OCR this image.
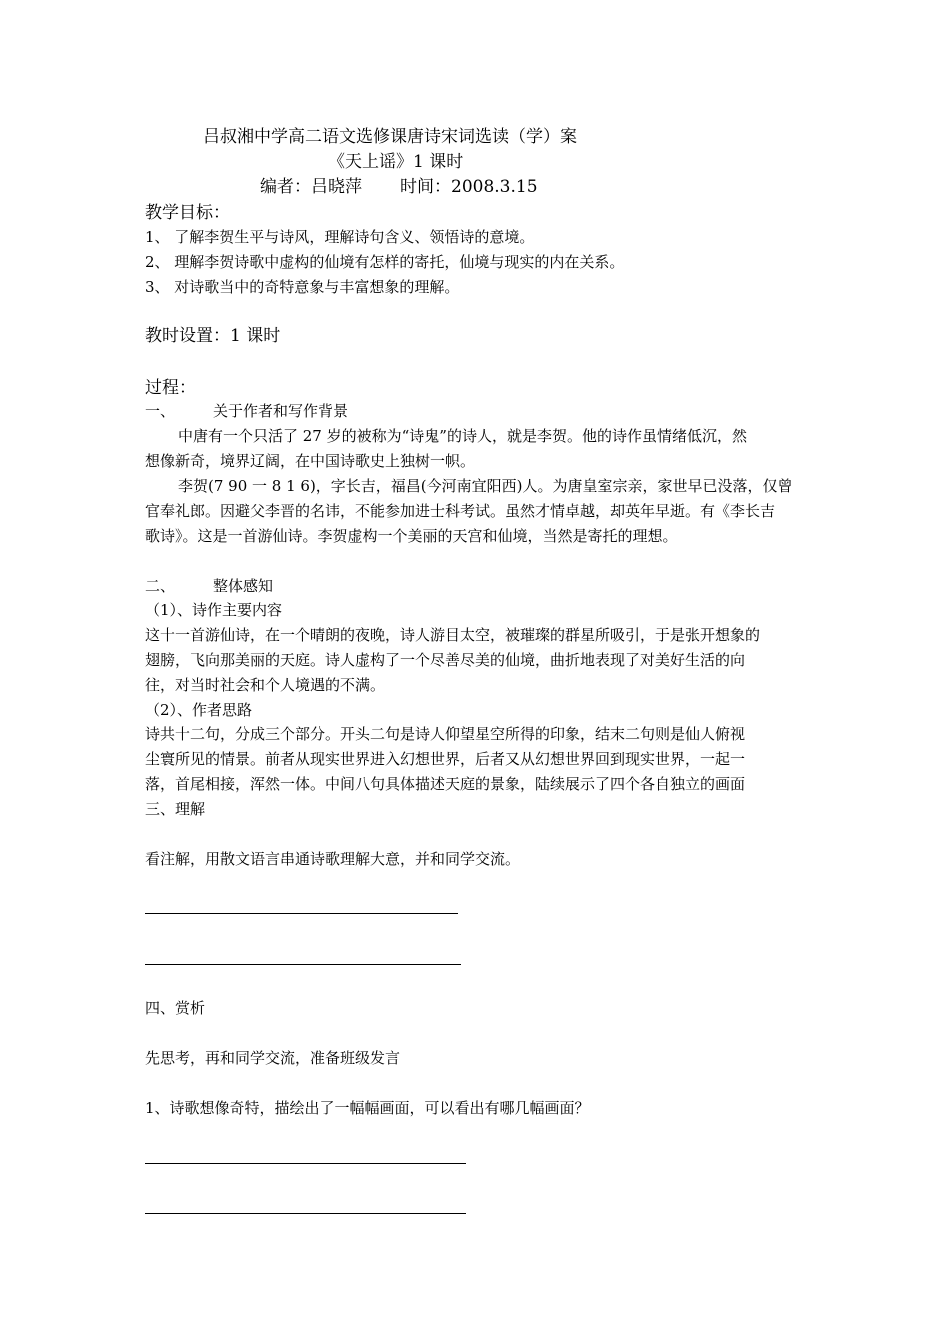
吕叔湘中学高二语文选修课唐诗宋词选读（学）案
《天上谣》1 课时
编者：吕晓萍 时间：2008.3.15
教学目标：
1、 了解李贺生平与诗风，理解诗句含义、领悟诗的意境。
2、 理解李贺诗歌中虚构的仙境有怎样的寄托，仙境与现实的内在关系。
3、 对诗歌当中的奇特意象与丰富想象的理解。
教时设置：1 课时
过程：
一、	关于作者和写作背景
中唐有一个只活了 27 岁的被称为“诗鬼”的诗人，就是李贺。他的诗作虽情绪低沉，然
想像新奇，境界辽阔，在中国诗歌史上独树一帜。
李贺(7 90 一 8 1 6)，字长吉，福昌(今河南宜阳西)人。为唐皇室宗亲，家世早已没落，仅曾
官奉礼郎。因避父李晋的名讳，不能参加进士科考试。虽然才情卓越，却英年早逝。有《李长吉
歌诗》。这是一首游仙诗。李贺虚构一个美丽的天宫和仙境，当然是寄托的理想。
二、	整体感知
（1）、诗作主要内容
这十一首游仙诗，在一个晴朗的夜晚，诗人游目太空，被璀璨的群星所吸引，于是张开想象的
翅膀，飞向那美丽的天庭。诗人虚构了一个尽善尽美的仙境，曲折地表现了对美好生活的向
往，对当时社会和个人境遇的不满。
（2）、作者思路
诗共十二句，分成三个部分。开头二句是诗人仰望星空所得的印象，结末二句则是仙人俯视
尘寰所见的情景。前者从现实世界进入幻想世界，后者又从幻想世界回到现实世界，一起一
落，首尾相接，浑然一体。中间八句具体描述天庭的景象，陆续展示了四个各自独立的画面
三、理解
看注解，用散文语言串通诗歌理解大意，并和同学交流。
四、赏析
先思考，再和同学交流，准备班级发言
1、诗歌想像奇特，描绘出了一幅幅画面，可以看出有哪几幅画面？
